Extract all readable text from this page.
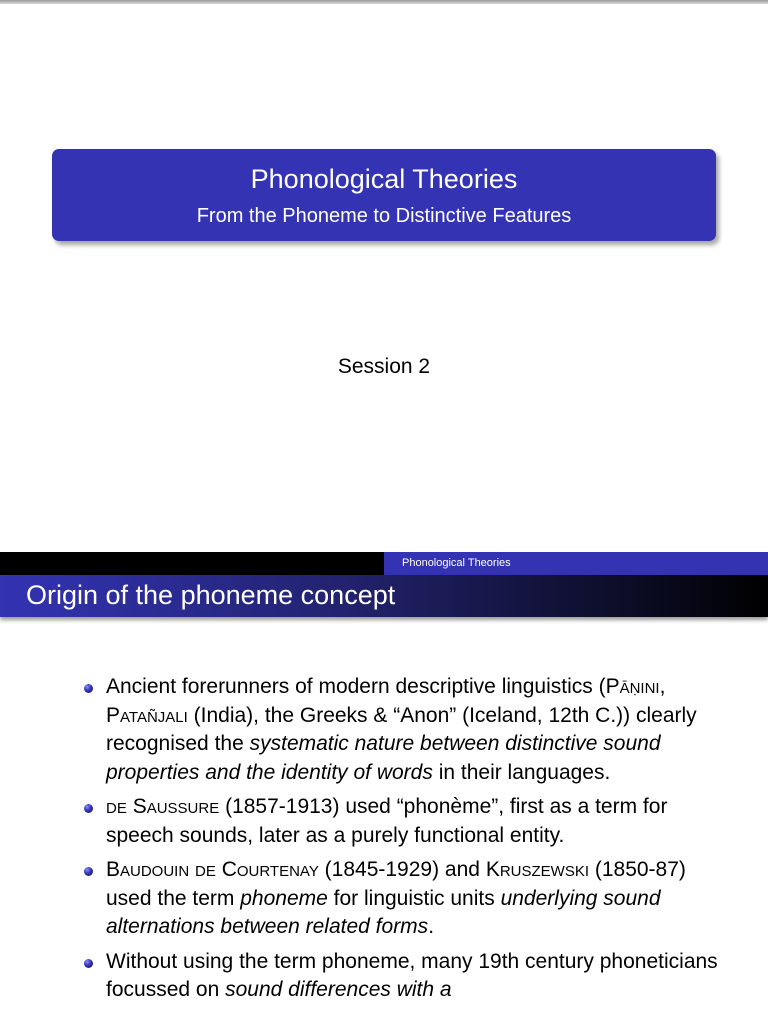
Phonological Theories
From the Phoneme to Distinctive Features
Session 2
Phonological Theories
Origin of the phoneme concept
Ancient forerunners of modern descriptive linguistics (Pāṇini, Patañjali (India), the Greeks & “Anon” (Iceland, 12th C.)) clearly recognised the systematic nature between distinctive sound properties and the identity of words in their languages.
de Saussure (1857-1913) used “phonème”, first as a term for speech sounds, later as a purely functional entity.
Baudouin de Courtenay (1845-1929) and Kruszewski (1850-87) used the term phoneme for linguistic units underlying sound alternations between related forms.
Without using the term phoneme, many 19th century phoneticians focussed on sound differences with a
